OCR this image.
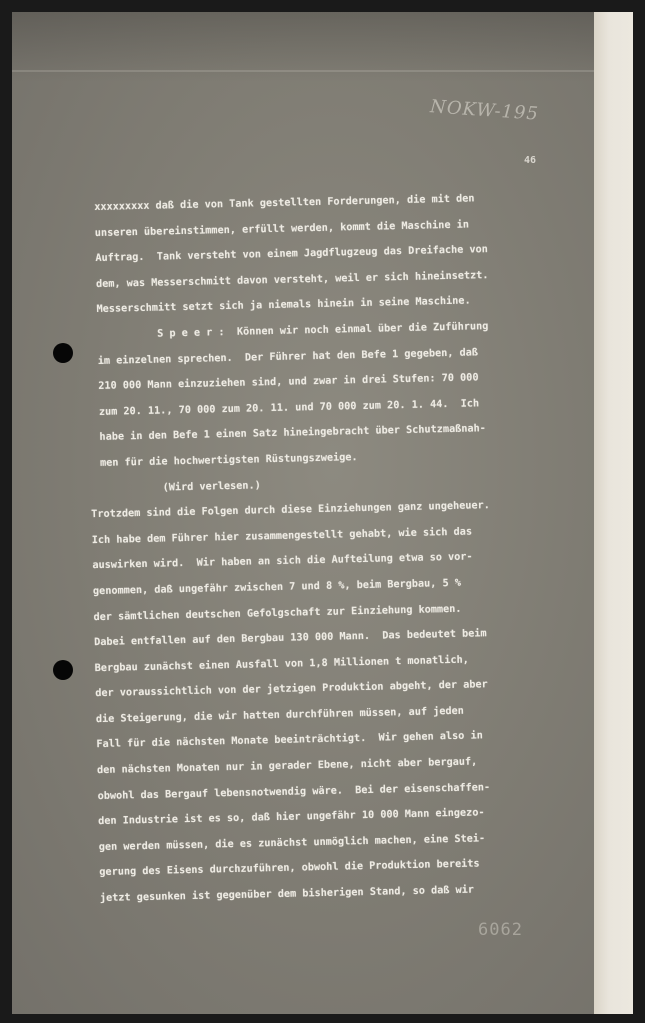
NOKW-195
46
xxxxxxxxx daß die von Tank gestellten Forderungen, die mit den
unseren übereinstimmen, erfüllt werden, kommt die Maschine in
Auftrag.  Tank versteht von einem Jagdflugzeug das Dreifache von
dem, was Messerschmitt davon versteht, weil er sich hineinsetzt.
Messerschmitt setzt sich ja niemals hinein in seine Maschine.
S p e e r :  Können wir noch einmal über die Zuführung
im einzelnen sprechen.  Der Führer hat den Befe 1 gegeben, daß
210 000 Mann einzuziehen sind, und zwar in drei Stufen: 70 000
zum 20. 11., 70 000 zum 20. 11. und 70 000 zum 20. 1. 44.  Ich
habe in den Befe 1 einen Satz hineingebracht über Schutzmaßnah-
men für die hochwertigsten Rüstungszweige.
(Wird verlesen.)
Trotzdem sind die Folgen durch diese Einziehungen ganz ungeheuer.
Ich habe dem Führer hier zusammengestellt gehabt, wie sich das
auswirken wird.  Wir haben an sich die Aufteilung etwa so vor-
genommen, daß ungefähr zwischen 7 und 8 %, beim Bergbau, 5 %
der sämtlichen deutschen Gefolgschaft zur Einziehung kommen.
Dabei entfallen auf den Bergbau 130 000 Mann.  Das bedeutet beim
Bergbau zunächst einen Ausfall von 1,8 Millionen t monatlich,
der voraussichtlich von der jetzigen Produktion abgeht, der aber
die Steigerung, die wir hatten durchführen müssen, auf jeden
Fall für die nächsten Monate beeinträchtigt.  Wir gehen also in
den nächsten Monaten nur in gerader Ebene, nicht aber bergauf,
obwohl das Bergauf lebensnotwendig wäre.  Bei der eisenschaffen-
den Industrie ist es so, daß hier ungefähr 10 000 Mann eingezo-
gen werden müssen, die es zunächst unmöglich machen, eine Stei-
gerung des Eisens durchzuführen, obwohl die Produktion bereits
jetzt gesunken ist gegenüber dem bisherigen Stand, so daß wir
6062
